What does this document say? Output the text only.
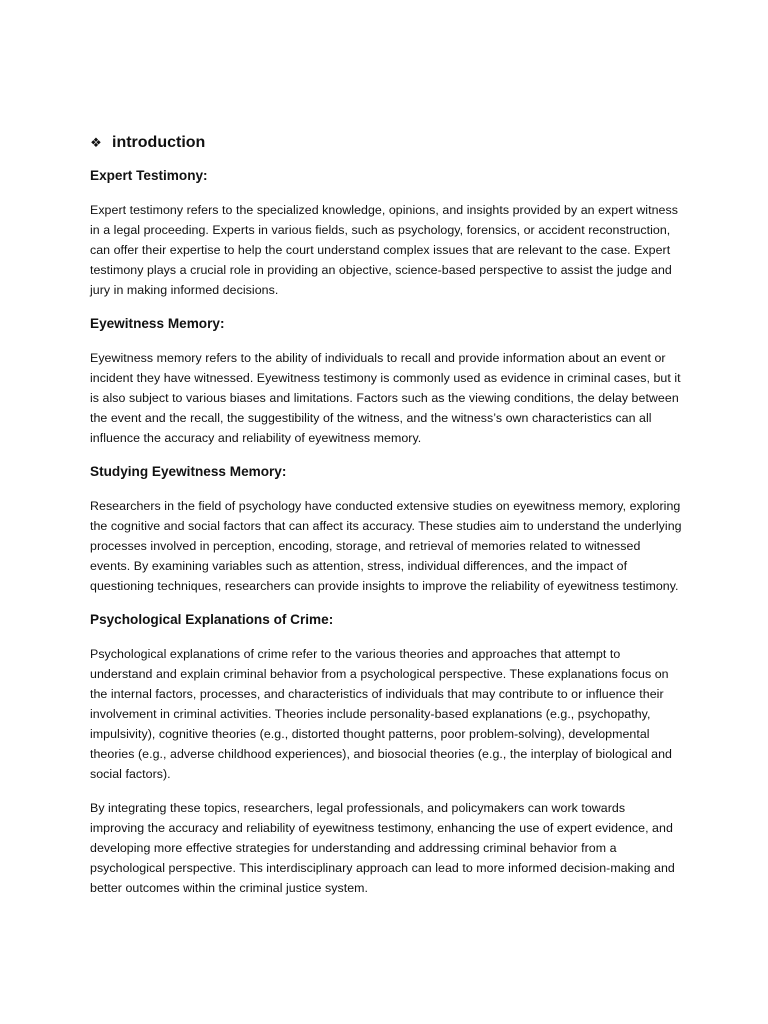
❖ introduction
Expert Testimony:

Expert testimony refers to the specialized knowledge, opinions, and insights provided by an expert witness in a legal proceeding. Experts in various fields, such as psychology, forensics, or accident reconstruction, can offer their expertise to help the court understand complex issues that are relevant to the case. Expert testimony plays a crucial role in providing an objective, science-based perspective to assist the judge and jury in making informed decisions.

Eyewitness Memory:

Eyewitness memory refers to the ability of individuals to recall and provide information about an event or incident they have witnessed. Eyewitness testimony is commonly used as evidence in criminal cases, but it is also subject to various biases and limitations. Factors such as the viewing conditions, the delay between the event and the recall, the suggestibility of the witness, and the witness’s own characteristics can all influence the accuracy and reliability of eyewitness memory.

Studying Eyewitness Memory:

Researchers in the field of psychology have conducted extensive studies on eyewitness memory, exploring the cognitive and social factors that can affect its accuracy. These studies aim to understand the underlying processes involved in perception, encoding, storage, and retrieval of memories related to witnessed events. By examining variables such as attention, stress, individual differences, and the impact of questioning techniques, researchers can provide insights to improve the reliability of eyewitness testimony.

Psychological Explanations of Crime:

Psychological explanations of crime refer to the various theories and approaches that attempt to understand and explain criminal behavior from a psychological perspective. These explanations focus on the internal factors, processes, and characteristics of individuals that may contribute to or influence their involvement in criminal activities. Theories include personality-based explanations (e.g., psychopathy, impulsivity), cognitive theories (e.g., distorted thought patterns, poor problem-solving), developmental theories (e.g., adverse childhood experiences), and biosocial theories (e.g., the interplay of biological and social factors).

By integrating these topics, researchers, legal professionals, and policymakers can work towards improving the accuracy and reliability of eyewitness testimony, enhancing the use of expert evidence, and developing more effective strategies for understanding and addressing criminal behavior from a psychological perspective. This interdisciplinary approach can lead to more informed decision-making and better outcomes within the criminal justice system.
